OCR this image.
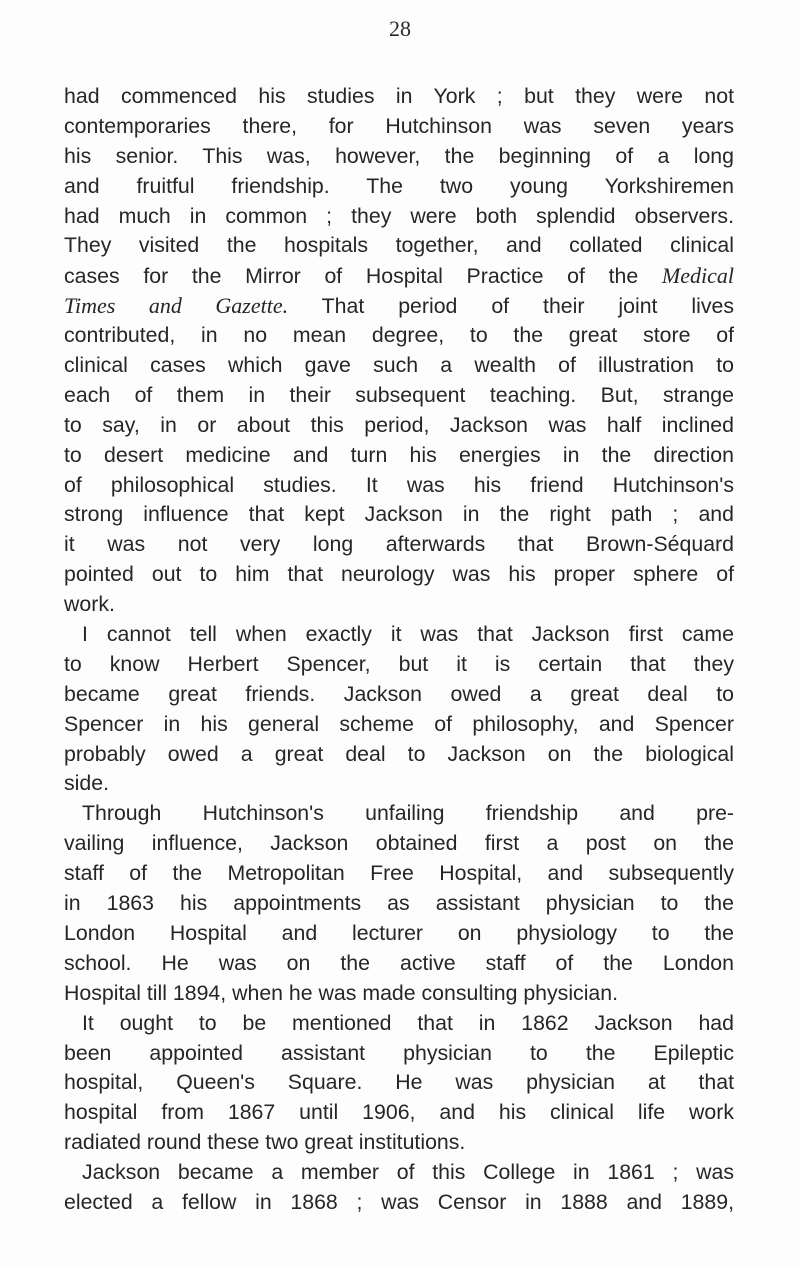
28
had commenced his studies in York ; but they were not
contemporaries there, for Hutchinson was seven years
his senior. This was, however, the beginning of a long
and fruitful friendship. The two young Yorkshiremen
had much in common ; they were both splendid observers.
They visited the hospitals together, and collated clinical
cases for the Mirror of Hospital Practice of the Medical
Times and Gazette. That period of their joint lives
contributed, in no mean degree, to the great store of
clinical cases which gave such a wealth of illustration to
each of them in their subsequent teaching. But, strange
to say, in or about this period, Jackson was half inclined
to desert medicine and turn his energies in the direction
of philosophical studies. It was his friend Hutchinson's
strong influence that kept Jackson in the right path ; and
it was not very long afterwards that Brown-Séquard
pointed out to him that neurology was his proper sphere of
work.
I cannot tell when exactly it was that Jackson first came
to know Herbert Spencer, but it is certain that they
became great friends. Jackson owed a great deal to
Spencer in his general scheme of philosophy, and Spencer
probably owed a great deal to Jackson on the biological
side.
Through Hutchinson's unfailing friendship and pre-
vailing influence, Jackson obtained first a post on the
staff of the Metropolitan Free Hospital, and subsequently
in 1863 his appointments as assistant physician to the
London Hospital and lecturer on physiology to the
school. He was on the active staff of the London
Hospital till 1894, when he was made consulting physician.
It ought to be mentioned that in 1862 Jackson had
been appointed assistant physician to the Epileptic
hospital, Queen's Square. He was physician at that
hospital from 1867 until 1906, and his clinical life work
radiated round these two great institutions.
Jackson became a member of this College in 1861 ; was
elected a fellow in 1868 ; was Censor in 1888 and 1889,
